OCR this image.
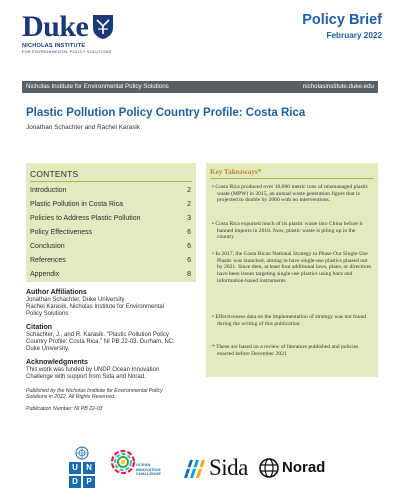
Duke
NICHOLAS INSTITUTE
FOR ENVIRONMENTAL POLICY SOLUTIONS
Policy Brief
February 2022
Nicholas Institute for Environmental Policy Solutions	nicholasinstitute.duke.edu
Plastic Pollution Policy Country Profile: Costa Rica
Jonathan Schachter and Rachel Karasik
CONTENTS
Introduction	2
Plastic Pollution in Costa Rica	2
Policies to Address Plastic Pollution	3
Policy Effectiveness	6
Conclusion	6
References	6
Appendix	8
Author Affiliations
Jonathan Schachter, Duke University
Rachel Karasik, Nicholas Institute for Environmental
Policy Solutions
Citation
Schachter, J., and R. Karasik. "Plastic Pollution Policy
Country Profile: Costa Rica." NI PB 22-03. Durham, NC:
Duke University.
Acknowledgments
This work was funded by UNDP Ocean Innovation
Challenge with support from Sida and Norad.
Published by the Nicholas Institute for Environmental Policy
Solutions in 2022. All Rights Reserved.
Publication Number: NI PB 22-03
Key Takeaways*
• Costa Rica produced over 10,000 metric tons of mismanaged plastic waste (MPW) in 2015, an annual waste generation figure that is projected to double by 2060 with no interventions.
• Costa Rica exported much of its plastic waste into China before it banned imports in 2018. Now, plastic waste is piling up in the country
• In 2017, the Costa Rican National Strategy to Phase Out Single-Use Plastic was launched, aiming to have single-use plastics phased out by 2021. Since then, at least four additional laws, plans, or directives have been issues targeting single-use plastics using bans and information-based instruments
• Effectiveness data on the implementation of strategy was not found during the writing of this publication
* These are based on a review of literature published and policies enacted before December 2021
U	N
D	P
OCEAN
INNOVATION
CHALLENGE Sida Norad
